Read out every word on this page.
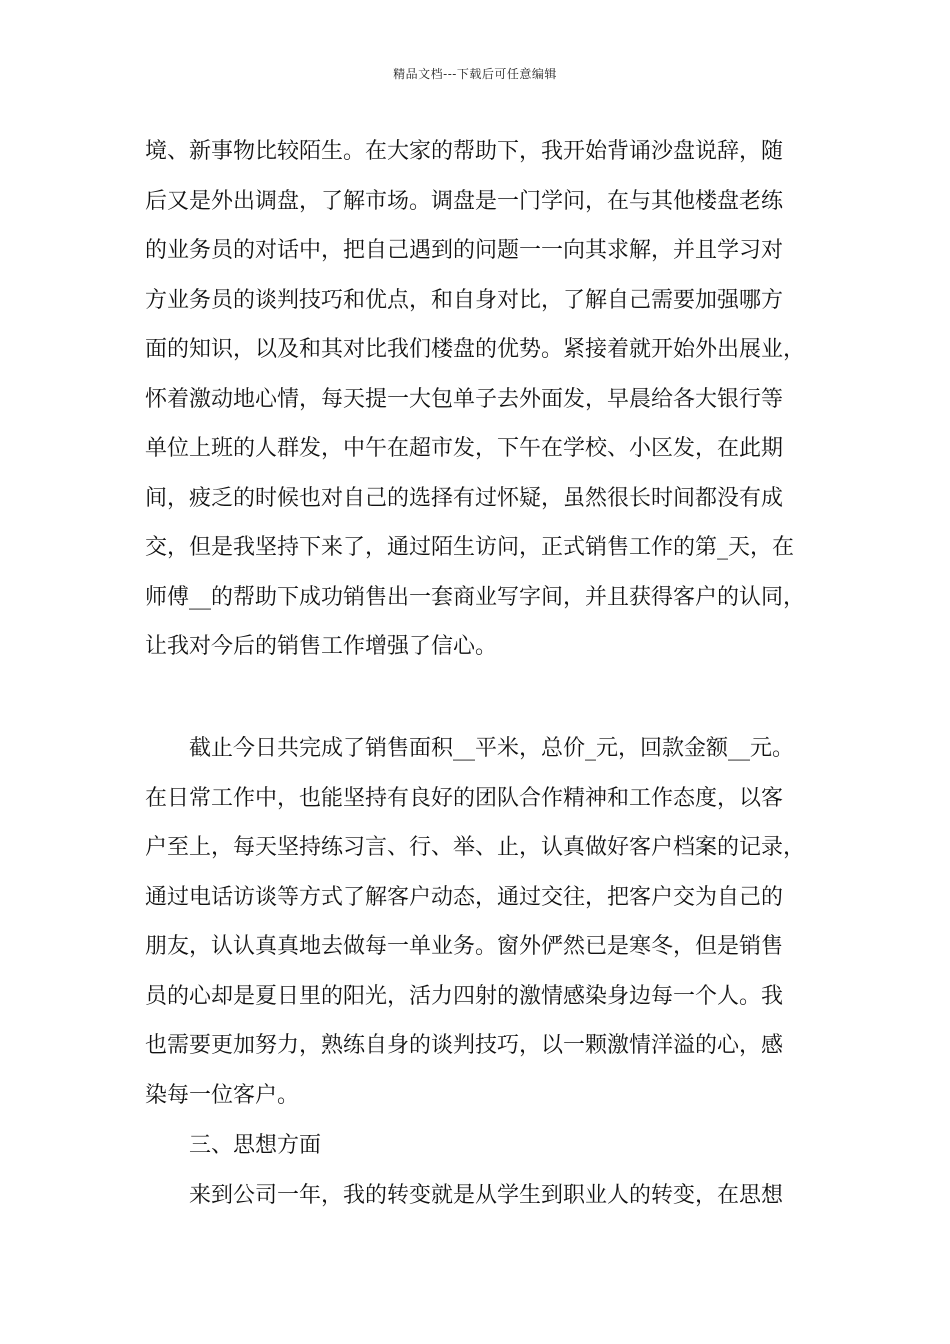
精品文档---下载后可任意编辑
境、新事物比较陌生。在大家的帮助下，我开始背诵沙盘说辞，随
后又是外出调盘，了解市场。调盘是一门学问，在与其他楼盘老练
的业务员的对话中，把自己遇到的问题一一向其求解，并且学习对
方业务员的谈判技巧和优点，和自身对比，了解自己需要加强哪方
面的知识，以及和其对比我们楼盘的优势。紧接着就开始外出展业，
怀着激动地心情，每天提一大包单子去外面发，早晨给各大银行等
单位上班的人群发，中午在超市发，下午在学校、小区发，在此期
间，疲乏的时候也对自己的选择有过怀疑，虽然很长时间都没有成
交，但是我坚持下来了，通过陌生访问，正式销售工作的第_天，在
师傅__的帮助下成功销售出一套商业写字间，并且获得客户的认同，
让我对今后的销售工作增强了信心。
截止今日共完成了销售面积__平米，总价_元，回款金额__元。
在日常工作中，也能坚持有良好的团队合作精神和工作态度，以客
户至上，每天坚持练习言、行、举、止，认真做好客户档案的记录，
通过电话访谈等方式了解客户动态，通过交往，把客户交为自己的
朋友，认认真真地去做每一单业务。窗外俨然已是寒冬，但是销售
员的心却是夏日里的阳光，活力四射的激情感染身边每一个人。我
也需要更加努力，熟练自身的谈判技巧，以一颗激情洋溢的心，感
染每一位客户。
三、思想方面
来到公司一年，我的转变就是从学生到职业人的转变，在思想
